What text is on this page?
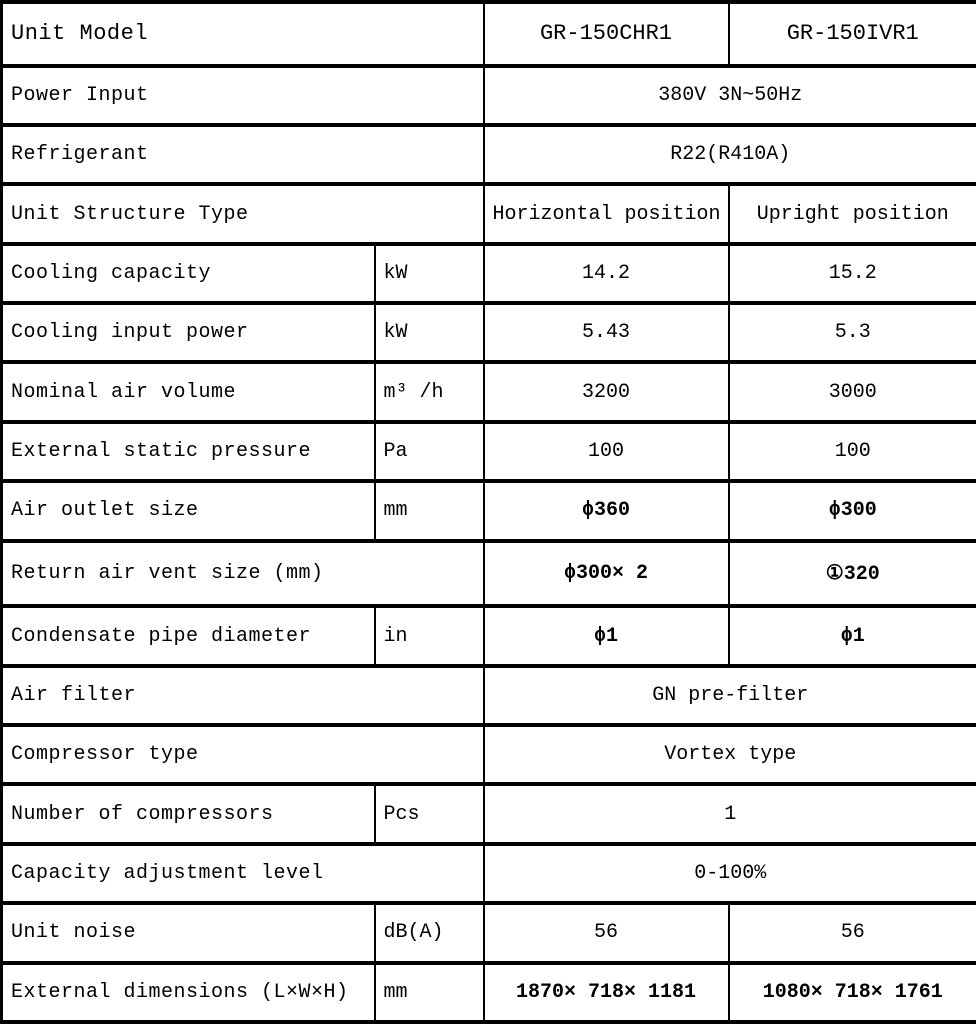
Unit Model		GR-150CHR1	GR-150IVR1
Power Input		380V 3N~50Hz	
Refrigerant		R22(R410A)	
Unit Structure Type		Horizontal position	Upright position
Cooling capacity	kW	14.2	15.2
Cooling input power	kW	5.43	5.3
Nominal air volume	m³ /h	3200	3000
External static pressure	Pa	100	100
Air outlet size	mm	ϕ360	ϕ300
Return air vent size (mm)		ϕ300× 2	①320
Condensate pipe diameter	in	ϕ1	ϕ1
Air filter		GN pre-filter	
Compressor type		Vortex type	
Number of compressors	Pcs	1	
Capacity adjustment level		0-100%	
Unit noise	dB(A)	56	56
External dimensions (L×W×H)	mm	1870× 718× 1181	1080× 718× 1761
